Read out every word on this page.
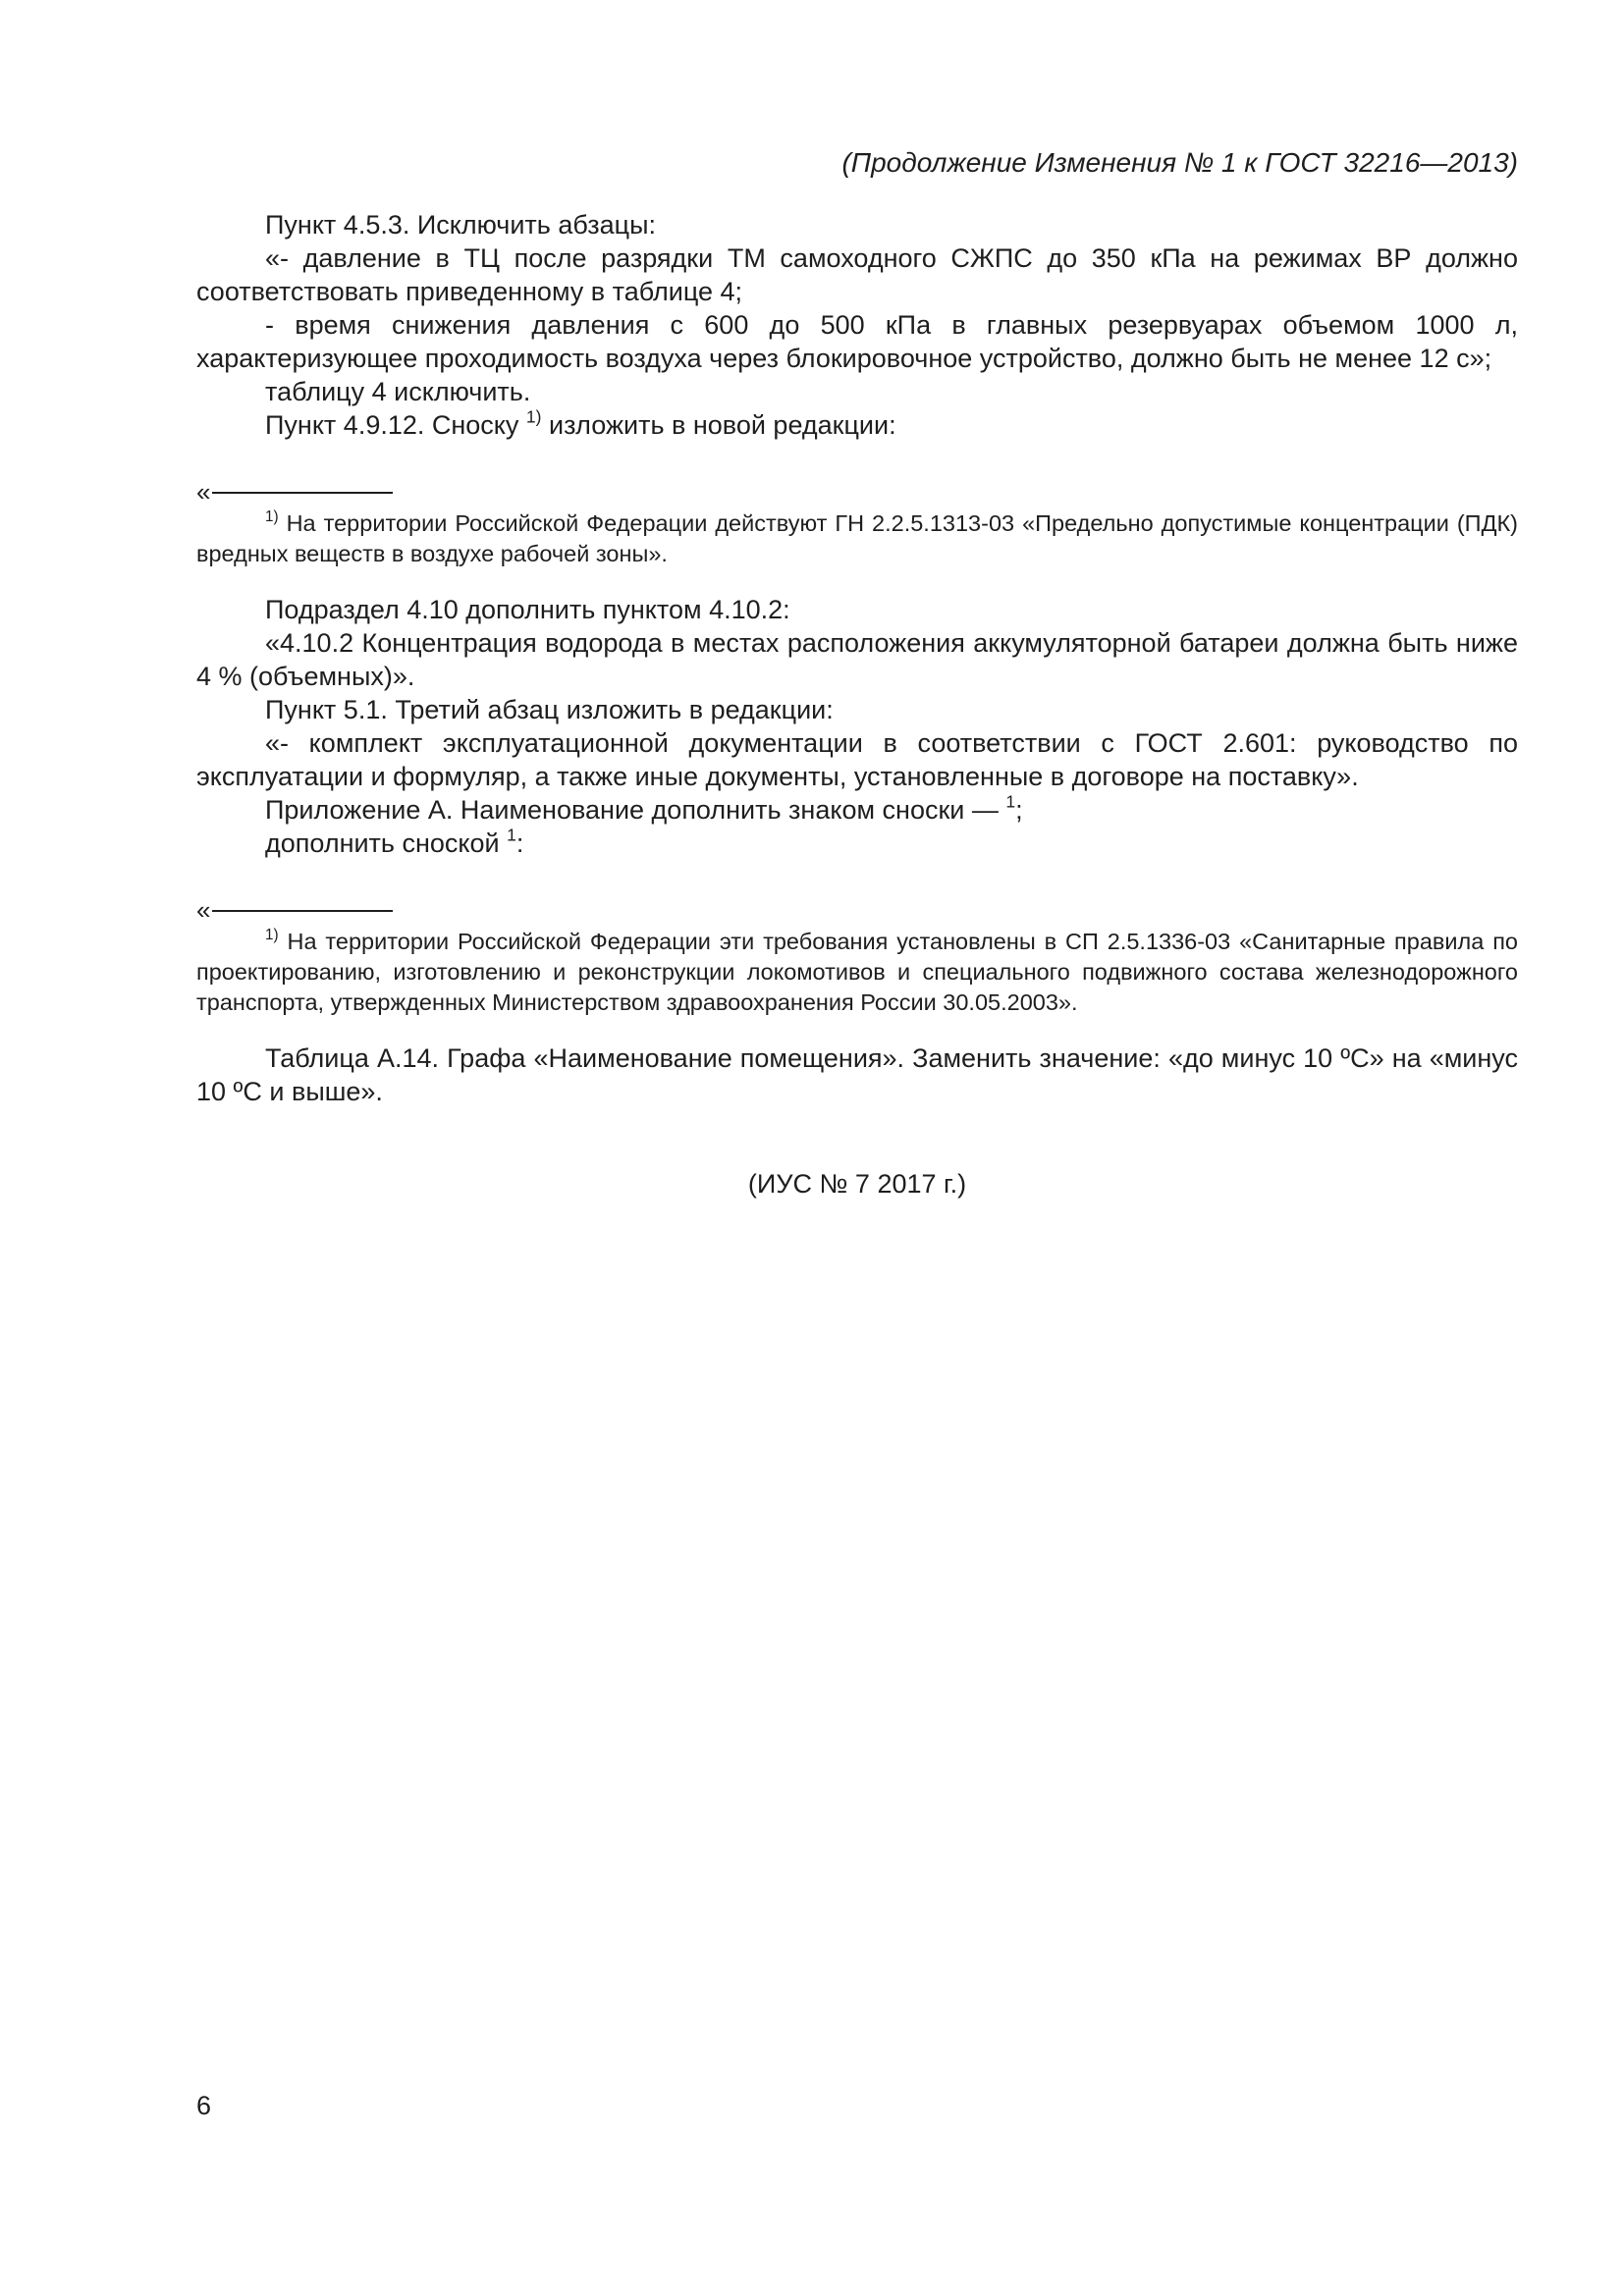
(Продолжение Изменения № 1 к ГОСТ 32216—2013)

Пункт 4.5.3. Исключить абзацы:

«- давление в ТЦ после разрядки ТМ самоходного СЖПС до 350 кПа на режимах ВР должно соответствовать приведенному в таблице 4;

- время снижения давления с 600 до 500 кПа в главных резервуарах объемом 1000 л, характеризующее проходимость воздуха через блокировочное устройство, должно быть не менее 12 с»;

таблицу 4 исключить.

Пункт 4.9.12. Сноску $^{1)}$ изложить в новой редакции:

«

$^{1)}$ На территории Российской Федерации действуют ГН 2.2.5.1313-03 «Предельно допустимые концентрации (ПДК) вредных веществ в воздухе рабочей зоны».

Подраздел 4.10 дополнить пунктом 4.10.2:

«4.10.2 Концентрация водорода в местах расположения аккумуляторной батареи должна быть ниже 4 % (объемных)».

Пункт 5.1. Третий абзац изложить в редакции:

«- комплект эксплуатационной документации в соответствии с ГОСТ 2.601: руководство по эксплуатации и формуляр, а также иные документы, установленные в договоре на поставку».

Приложение А. Наименование дополнить знаком сноски — $^1$;

дополнить сноской $^1$:

«

$^{1)}$ На территории Российской Федерации эти требования установлены в СП 2.5.1336-03 «Санитарные правила по проектированию, изготовлению и реконструкции локомотивов и специального подвижного состава железнодорожного транспорта, утвержденных Министерством здравоохранения России 30.05.2003».

Таблица А.14. Графа «Наименование помещения». Заменить значение: «до минус 10 ºС» на «минус 10 ºС и выше».

(ИУС № 7 2017 г.)
6
